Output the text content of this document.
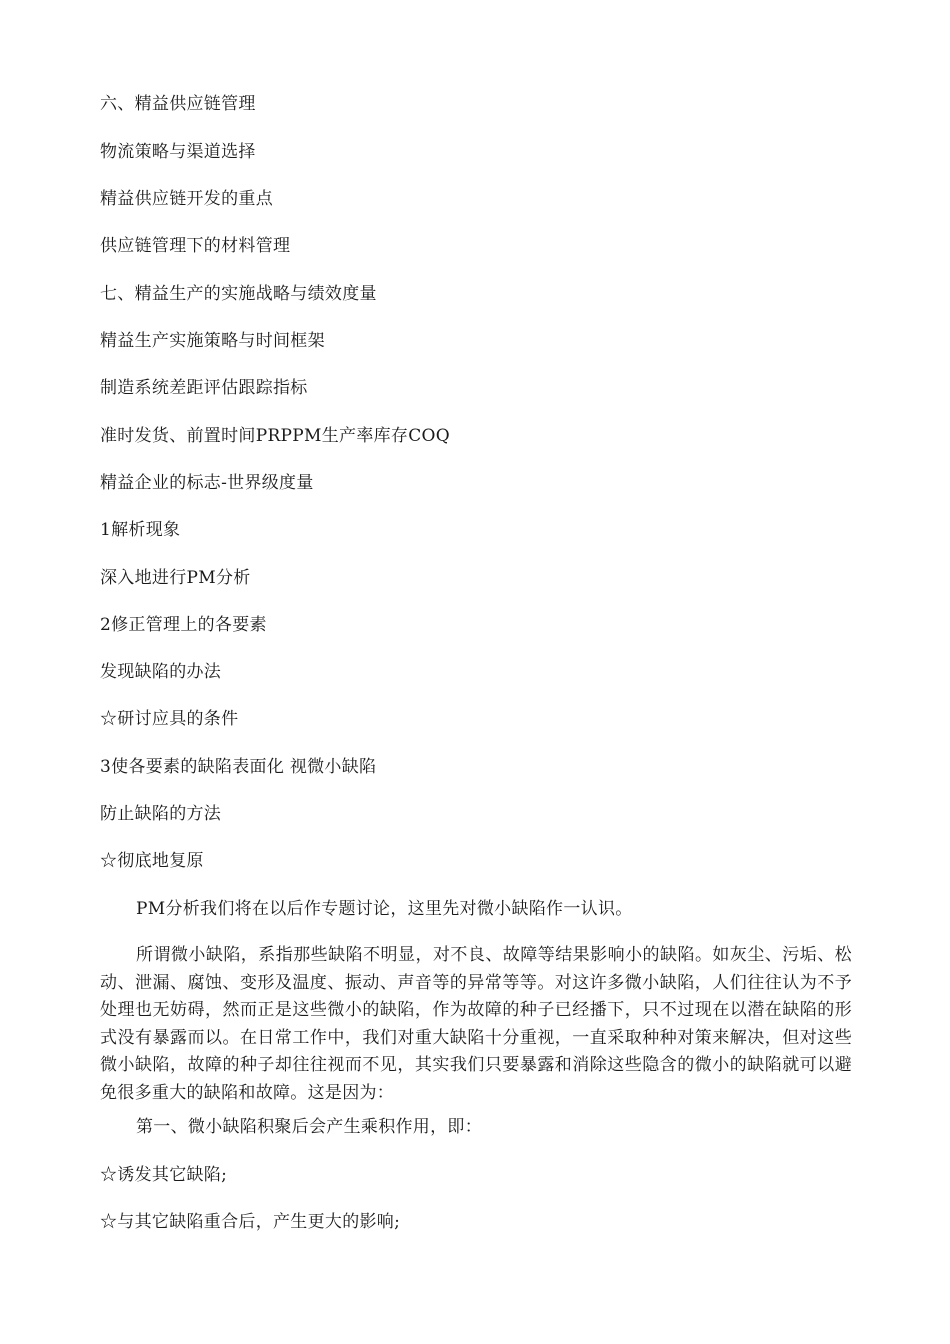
六、精益供应链管理
物流策略与渠道选择
精益供应链开发的重点
供应链管理下的材料管理
七、精益生产的实施战略与绩效度量
精益生产实施策略与时间框架
制造系统差距评估跟踪指标
准时发货、前置时间PRPPM生产率库存COQ
精益企业的标志-世界级度量
1解析现象
深入地进行PM分析
2修正管理上的各要素
发现缺陷的办法
☆研讨应具的条件
3使各要素的缺陷表面化 视微小缺陷
防止缺陷的方法
☆彻底地复原
PM分析我们将在以后作专题讨论，这里先对微小缺陷作一认识。
所谓微小缺陷，系指那些缺陷不明显，对不良、故障等结果影响小的缺陷。如灰尘、污垢、松动、泄漏、腐蚀、变形及温度、振动、声音等的异常等等。对这许多微小缺陷，人们往往认为不予处理也无妨碍，然而正是这些微小的缺陷，作为故障的种子已经播下，只不过现在以潜在缺陷的形式没有暴露而以。在日常工作中，我们对重大缺陷十分重视，一直采取种种对策来解决，但对这些微小缺陷，故障的种子却往往视而不见，其实我们只要暴露和消除这些隐含的微小的缺陷就可以避免很多重大的缺陷和故障。这是因为：
第一、微小缺陷积聚后会产生乘积作用，即：
☆诱发其它缺陷;
☆与其它缺陷重合后，产生更大的影响;
